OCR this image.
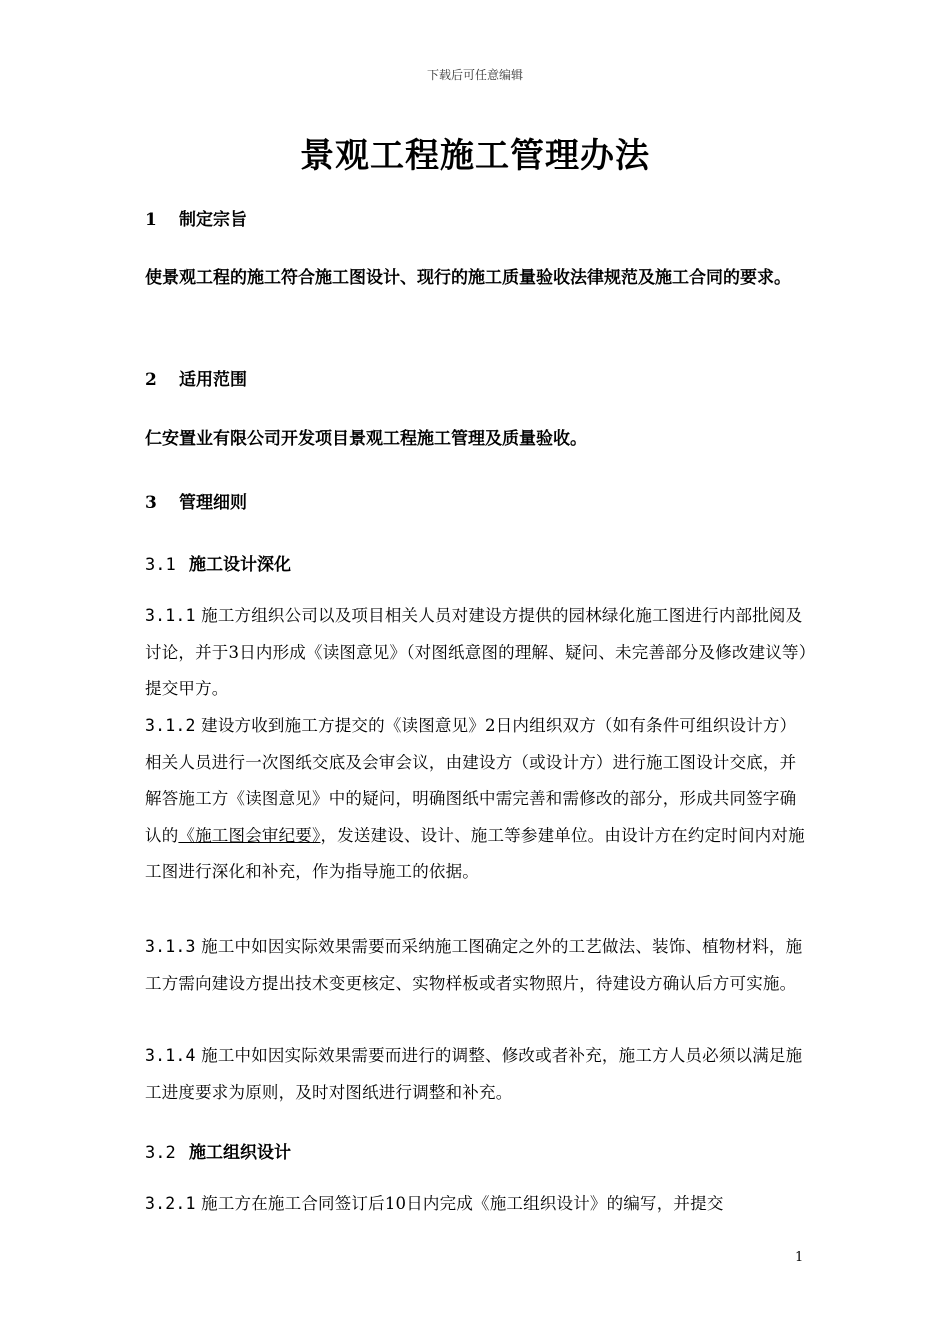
下载后可任意编辑
景观工程施工管理办法
1 制定宗旨
使景观工程的施工符合施工图设计、现行的施工质量验收法律规范及施工合同的要求。
2 适用范围
仁安置业有限公司开发项目景观工程施工管理及质量验收。
3 管理细则
3.1 施工设计深化
3.1.1 施工方组织公司以及项目相关人员对建设方提供的园林绿化施工图进行内部批阅及讨论，并于3日内形成《读图意见》（对图纸意图的理解、疑问、未完善部分及修改建议等）提交甲方。
3.1.2 建设方收到施工方提交的《读图意见》2日内组织双方（如有条件可组织设计方）相关人员进行一次图纸交底及会审会议，由建设方（或设计方）进行施工图设计交底，并解答施工方《读图意见》中的疑问，明确图纸中需完善和需修改的部分，形成共同签字确认的《施工图会审纪要》，发送建设、设计、施工等参建单位。由设计方在约定时间内对施工图进行深化和补充，作为指导施工的依据。
3.1.3 施工中如因实际效果需要而采纳施工图确定之外的工艺做法、装饰、植物材料，施工方需向建设方提出技术变更核定、实物样板或者实物照片，待建设方确认后方可实施。
3.1.4 施工中如因实际效果需要而进行的调整、修改或者补充，施工方人员必须以满足施工进度要求为原则，及时对图纸进行调整和补充。
3.2 施工组织设计
3.2.1 施工方在施工合同签订后10日内完成《施工组织设计》的编写，并提交
1
